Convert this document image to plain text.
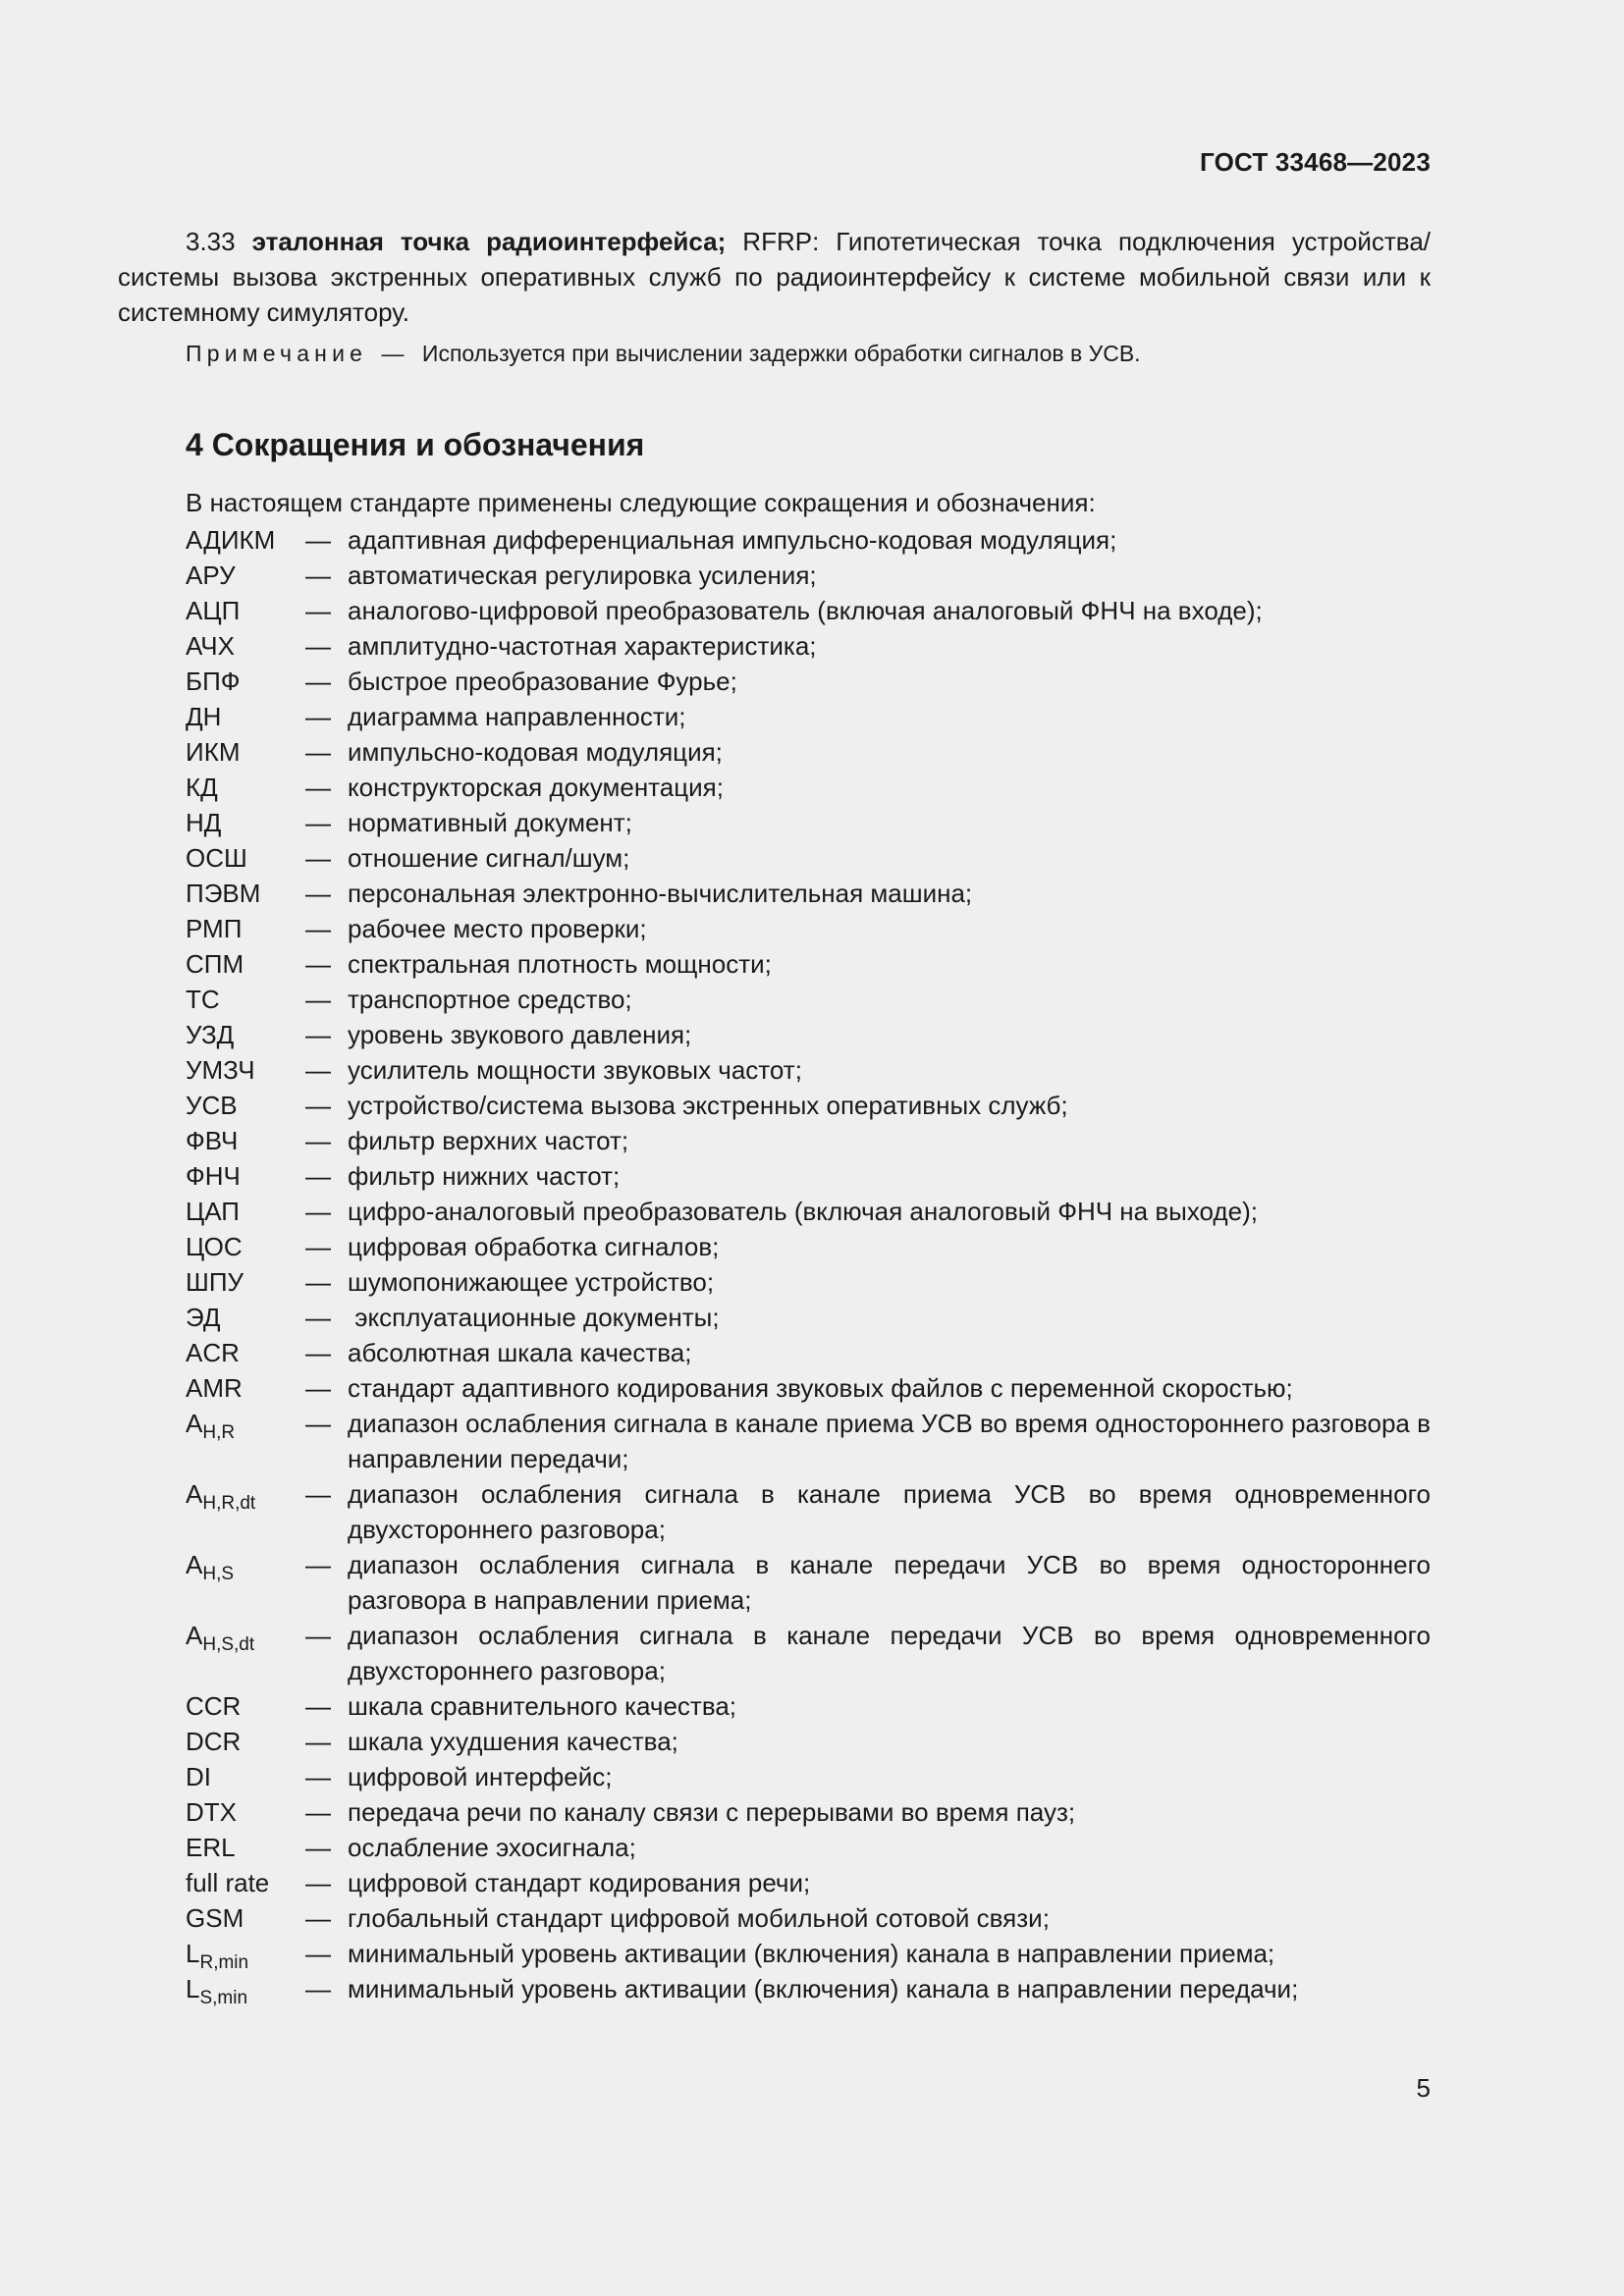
ГОСТ 33468—2023

3.33 эталонная точка радиоинтерфейса; RFRP: Гипотетическая точка подключения устройства/системы вызова экстренных оперативных служб по радиоинтерфейсу к системе мобильной связи или к системному симулятору.

Примечание — Используется при вычислении задержки обработки сигналов в УСВ.
4 Сокращения и обозначения
В настоящем стандарте применены следующие сокращения и обозначения:
АДИКМ	— адаптивная дифференциальная импульсно-кодовая модуляция;
АРУ	— автоматическая регулировка усиления;
АЦП	— аналогово-цифровой преобразователь (включая аналоговый ФНЧ на входе);
АЧХ	— амплитудно-частотная характеристика;
БПФ	— быстрое преобразование Фурье;
ДН	— диаграмма направленности;
ИКМ	— импульсно-кодовая модуляция;
КД	— конструкторская документация;
НД	— нормативный документ;
ОСШ	— отношение сигнал/шум;
ПЭВМ	— персональная электронно-вычислительная машина;
РМП	— рабочее место проверки;
СПМ	— спектральная плотность мощности;
ТС	— транспортное средство;
УЗД	— уровень звукового давления;
УМЗЧ	— усилитель мощности звуковых частот;
УСВ	— устройство/система вызова экстренных оперативных служб;
ФВЧ	— фильтр верхних частот;
ФНЧ	— фильтр нижних частот;
ЦАП	— цифро-аналоговый преобразователь (включая аналоговый ФНЧ на выходе);
ЦОС	— цифровая обработка сигналов;
ШПУ	— шумопонижающее устройство;
ЭД	— эксплуатационные документы;
ACR	— абсолютная шкала качества;
AMR	— стандарт адаптивного кодирования звуковых файлов с переменной скоростью;
$A_{H,R}$	— диапазон ослабления сигнала в канале приема УСВ во время одностороннего разговора в направлении передачи;
$A_{H,R,dt}$	— диапазон ослабления сигнала в канале приема УСВ во время одновременного двухстороннего разговора;
$A_{H,S}$	— диапазон ослабления сигнала в канале передачи УСВ во время одностороннего разговора в направлении приема;
$A_{H,S,dt}$	— диапазон ослабления сигнала в канале передачи УСВ во время одновременного двухстороннего разговора;
CCR	— шкала сравнительного качества;
DCR	— шкала ухудшения качества;
DI	— цифровой интерфейс;
DTX	— передача речи по каналу связи с перерывами во время пауз;
ERL	— ослабление эхосигнала;
full rate	— цифровой стандарт кодирования речи;
GSM	— глобальный стандарт цифровой мобильной сотовой связи;
$L_{R,min}$	— минимальный уровень активации (включения) канала в направлении приема;
$L_{S,min}$	— минимальный уровень активации (включения) канала в направлении передачи;
5
